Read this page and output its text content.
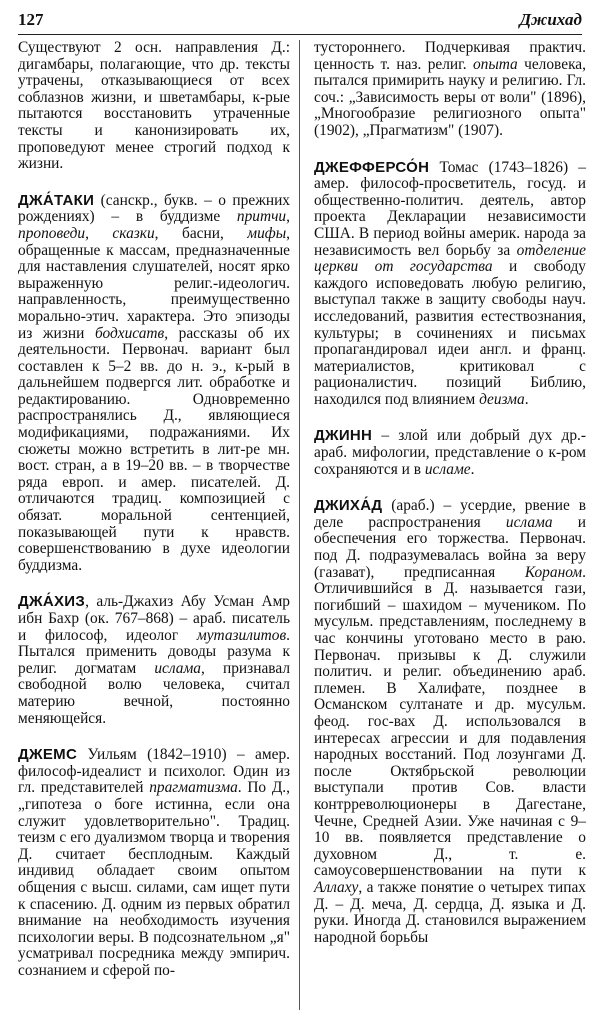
127	Джихад

Существуют 2 осн. направления Д.: дигамбары, полагающие, что др. тексты утрачены, отказывающиеся от всех соблазнов жизни, и шветамбары, к-рые пытаются восстановить утраченные тексты и канонизировать их, проповедуют менее строгий подход к жизни.

ДЖА́ТАКИ (санскр., букв. – о прежних рождениях) – в буддизме притчи, проповеди, сказки, басни, мифы, обращенные к массам, предназначенные для наставления слушателей, носят ярко выраженную религ.-идеологич. направленность, преимущественно морально-этич. характера. Это эпизоды из жизни бодхисатв, рассказы об их деятельности. Первонач. вариант был составлен к 5–2 вв. до н. э., к-рый в дальнейшем подвергся лит. обработке и редактированию. Одновременно распространялись Д., являющиеся модификациями, подражаниями. Их сюжеты можно встретить в лит-ре мн. вост. стран, а в 19–20 вв. – в творчестве ряда европ. и амер. писателей. Д. отличаются традиц. композицией с обязат. моральной сентенцией, показывающей пути к нравств. совершенствованию в духе идеологии буддизма.

ДЖА́ХИЗ, аль-Джахиз Абу Усман Амр ибн Бахр (ок. 767–868) – араб. писатель и философ, идеолог мутазилитов. Пытался применить доводы разума к религ. догматам ислама, признавал свободной волю человека, считал материю вечной, постоянно меняющейся.

ДЖЕМС Уильям (1842–1910) – амер. философ-идеалист и психолог. Один из гл. представителей прагматизма. По Д., „гипотеза о боге истинна, если она служит удовлетворительно". Традиц. теизм с его дуализмом творца и творения Д. считает бесплодным. Каждый индивид обладает своим опытом общения с высш. силами, сам ищет пути к спасению. Д. одним из первых обратил внимание на необходимость изучения психологии веры. В подсознательном „я" усматривал посредника между эмпирич. сознанием и сферой по-

тустороннего. Подчеркивая практич. ценность т. наз. религ. опыта человека, пытался примирить науку и религию. Гл. соч.: „Зависимость веры от воли" (1896), „Многообразие религиозного опыта" (1902), „Прагматизм" (1907).

ДЖЕФФЕРСО́Н Томас (1743–1826) – амер. философ-просветитель, госуд. и общественно-политич. деятель, автор проекта Декларации независимости США. В период войны америк. народа за независимость вел борьбу за отделение церкви от государства и свободу каждого исповедовать любую религию, выступал также в защиту свободы науч. исследований, развития естествознания, культуры; в сочинениях и письмах пропагандировал идеи англ. и франц. материалистов, критиковал с рационалистич. позиций Библию, находился под влиянием деизма.

ДЖИНН – злой или добрый дух др.-араб. мифологии, представление о к-ром сохраняются и в исламе.

ДЖИХА́Д (араб.) – усердие, рвение в деле распространения ислама и обеспечения его торжества. Первонач. под Д. подразумевалась война за веру (газават), предписанная Кораном. Отличившийся в Д. называется гази, погибший – шахидом – мучеником. По мусульм. представлениям, последнему в час кончины уготовано место в раю. Первонач. призывы к Д. служили политич. и религ. объединению араб. племен. В Халифате, позднее в Османском султанате и др. мусульм. феод. гос-вах Д. использовался в интересах агрессии и для подавления народных восстаний. Под лозунгами Д. после Октябрьской революции выступали против Сов. власти контрреволюционеры в Дагестане, Чечне, Средней Азии. Уже начиная с 9–10 вв. появляется представление о духовном Д., т. е. самоусовершенствовании на пути к Аллаху, а также понятие о четырех типах Д. – Д. меча, Д. сердца, Д. языка и Д. руки. Иногда Д. становился выражением народной борьбы
